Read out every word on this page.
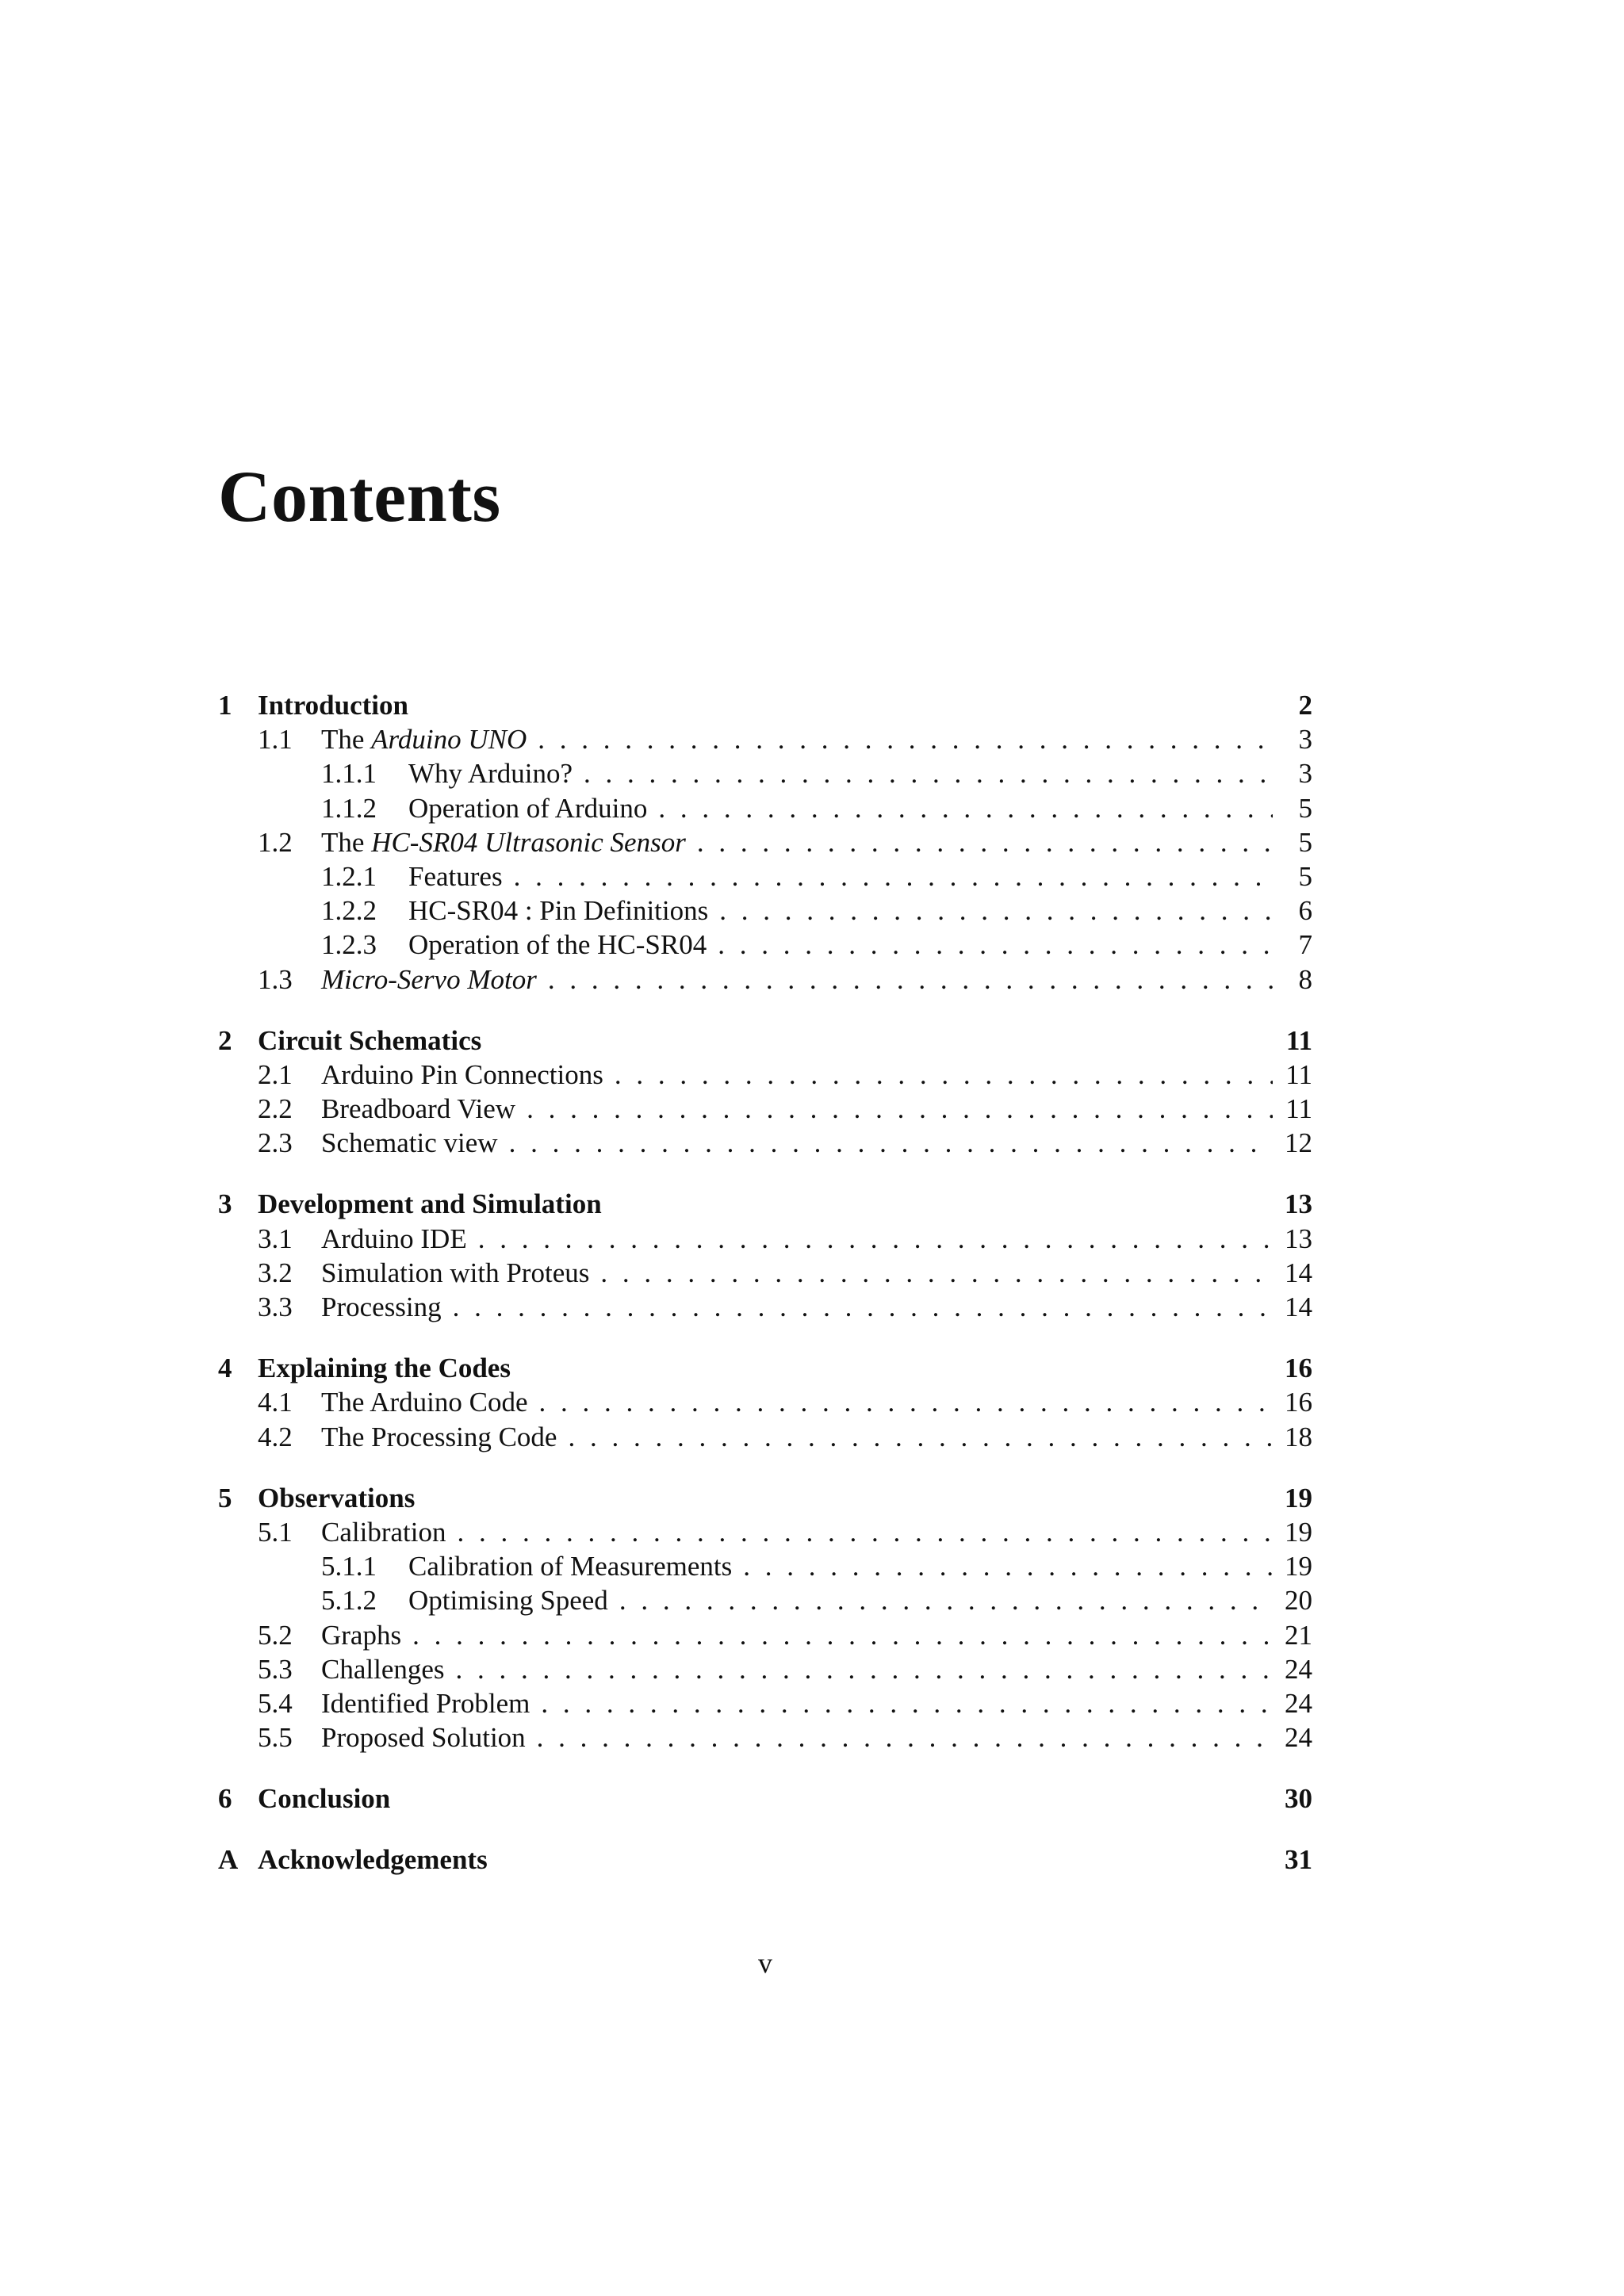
Contents
1 Introduction	2
1.1	The Arduino UNO . . .	3
1.1.1	Why Arduino? . . .	3
1.1.2	Operation of Arduino . . .	5
1.2	The HC-SR04 Ultrasonic Sensor . . .	5
1.2.1	Features . . .	5
1.2.2	HC-SR04 : Pin Definitions . . .	6
1.2.3	Operation of the HC-SR04 . . .	7
1.3	Micro-Servo Motor . . .	8
2 Circuit Schematics	11
2.1	Arduino Pin Connections . . .	11
2.2	Breadboard View . . .	11
2.3	Schematic view . . .	12
3 Development and Simulation	13
3.1	Arduino IDE . . .	13
3.2	Simulation with Proteus . . .	14
3.3	Processing . . .	14
4 Explaining the Codes	16
4.1	The Arduino Code . . .	16
4.2	The Processing Code . . .	18
5 Observations	19
5.1	Calibration . . .	19
5.1.1	Calibration of Measurements . . .	19
5.1.2	Optimising Speed . . .	20
5.2	Graphs . . .	21
5.3	Challenges . . .	24
5.4	Identified Problem . . .	24
5.5	Proposed Solution . . .	24
6 Conclusion	30
A Acknowledgements	31
v
